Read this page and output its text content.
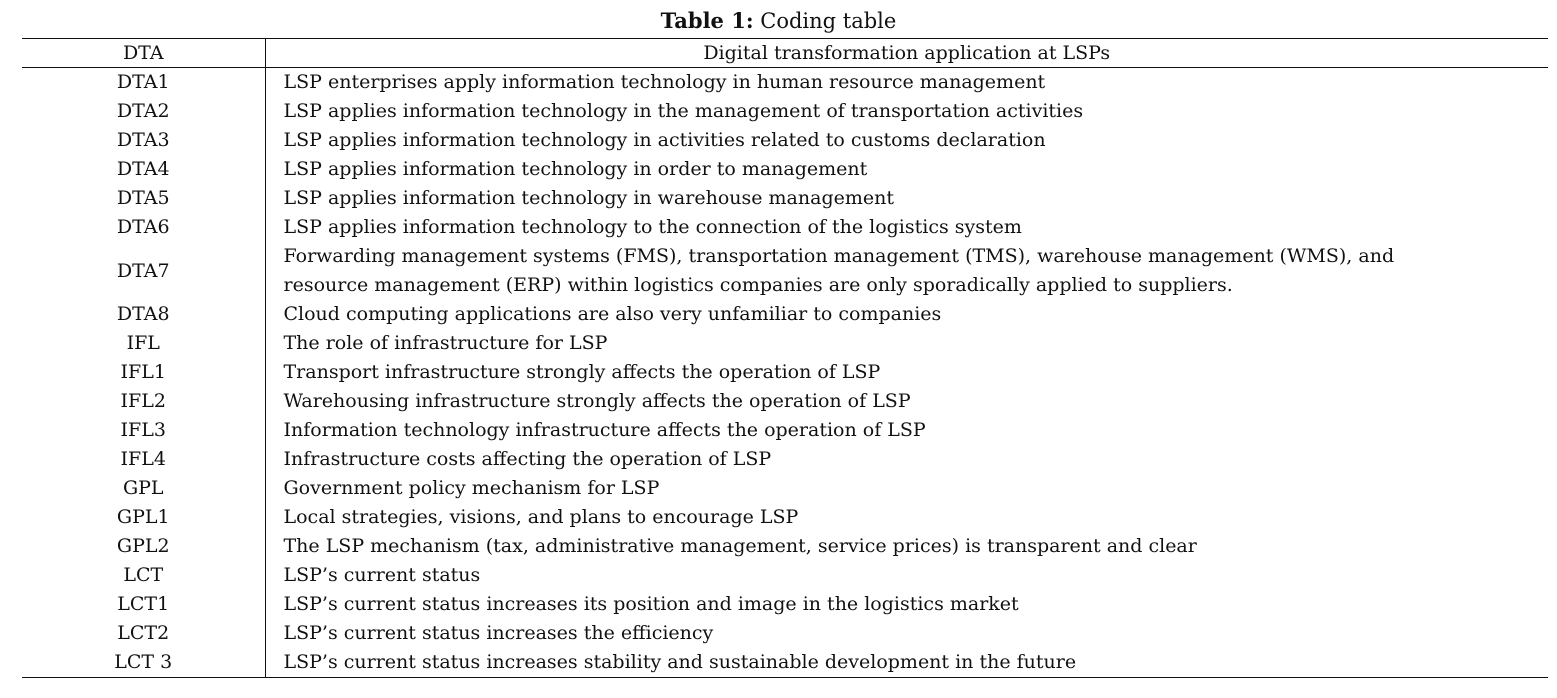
Table 1: Coding table
DTA	Digital transformation application at LSPs
DTA1	LSP enterprises apply information technology in human resource management
DTA2	LSP applies information technology in the management of transportation activities
DTA3	LSP applies information technology in activities related to customs declaration
DTA4	LSP applies information technology in order to management
DTA5	LSP applies information technology in warehouse management
DTA6	LSP applies information technology to the connection of the logistics system
DTA7	Forwarding management systems (FMS), transportation management (TMS), warehouse management (WMS), and
resource management (ERP) within logistics companies are only sporadically applied to suppliers.

DTA8	Cloud computing applications are also very unfamiliar to companies
IFL	The role of infrastructure for LSP
IFL1	Transport infrastructure strongly affects the operation of LSP
IFL2	Warehousing infrastructure strongly affects the operation of LSP
IFL3	Information technology infrastructure affects the operation of LSP
IFL4	Infrastructure costs affecting the operation of LSP
GPL	Government policy mechanism for LSP
GPL1	Local strategies, visions, and plans to encourage LSP
GPL2	The LSP mechanism (tax, administrative management, service prices) is transparent and clear
LCT	LSP’s current status
LCT1	LSP’s current status increases its position and image in the logistics market
LCT2	LSP’s current status increases the efficiency
LCT 3	LSP’s current status increases stability and sustainable development in the future
